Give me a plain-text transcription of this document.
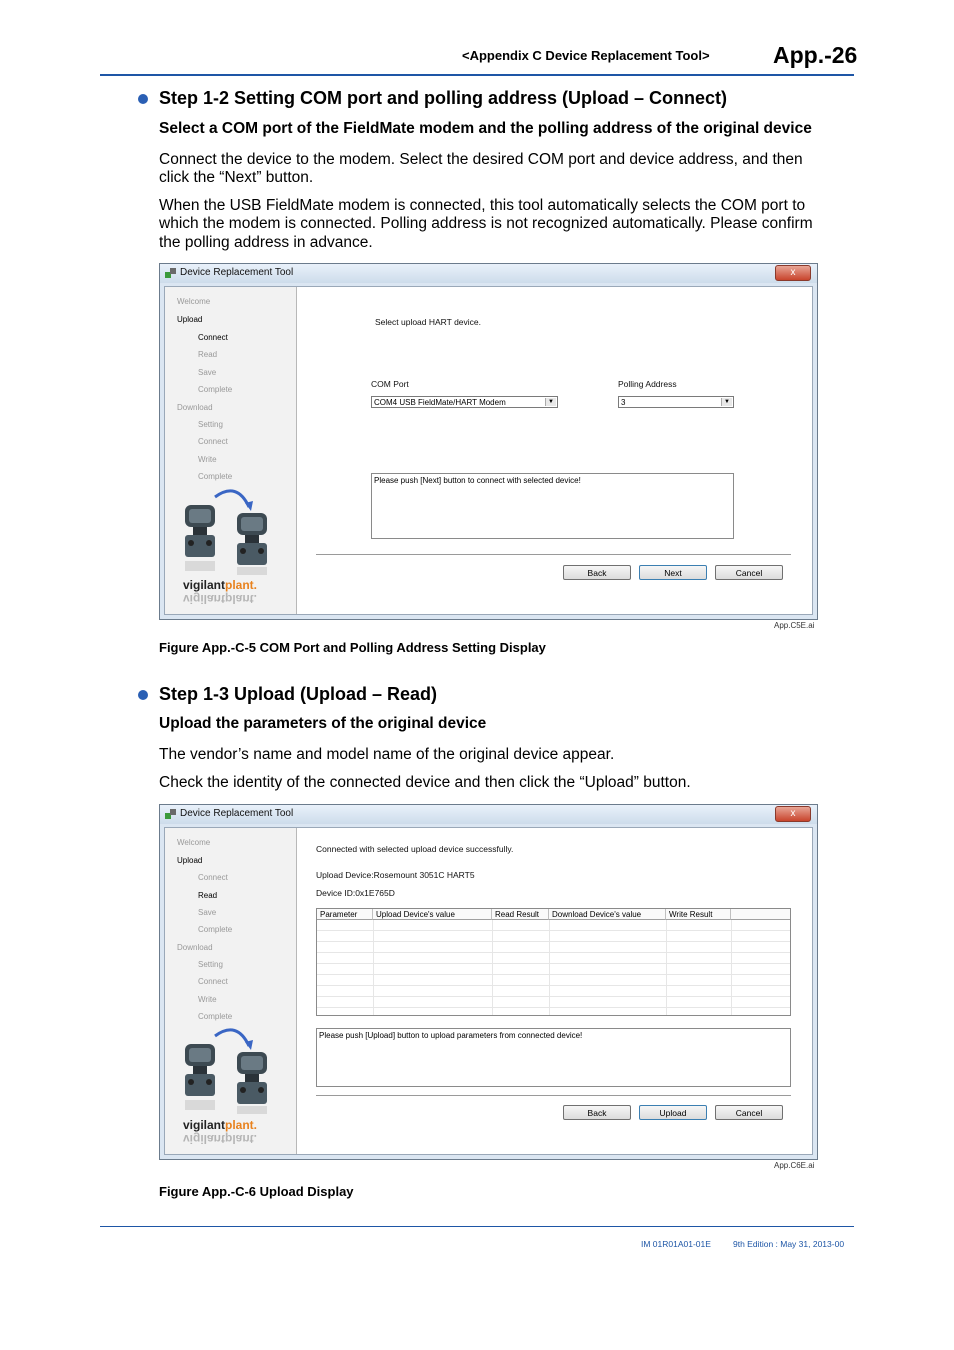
<Appendix C Device Replacement Tool>	App.-26
Step 1-2 Setting COM port and polling address (Upload – Connect)
Select a COM port of the FieldMate modem and the polling address of the original device
Connect the device to the modem. Select the desired COM port and device address, and then
click the “Next” button.
When the USB FieldMate modem is connected, this tool automatically selects the COM port to
which the modem is connected. Polling address is not recognized automatically. Please confirm
the polling address in advance.
Device Replacement Tool	x
Welcome
Upload
Connect
Read
Save
Complete
Download
Setting
Connect
Write
Complete
vigilantplant.
vigilantplant.
Select upload HART device.
COM Port
COM4 USB FieldMate/HART Modem	▼
Polling Address
3	▼
Please push [Next] button to connect with selected device!
Back	Next	Cancel
App.C5E.ai
Figure App.-C-5 COM Port and Polling Address Setting Display
Step 1-3 Upload (Upload – Read)
Upload the parameters of the original device
The vendor’s name and model name of the original device appear.
Check the identity of the connected device and then click the “Upload” button.
Device Replacement Tool	x
Welcome
Upload
Connect
Read
Save
Complete
Download
Setting
Connect
Write
Complete
vigilantplant.
vigilantplant.
Connected with selected upload device successfully.
Upload Device:Rosemount 3051C HART5
Device ID:0x1E765D
Parameter	Upload Device's value	Read Result	Download Device's value	Write Result
Please push [Upload] button to upload parameters from connected device!
Back	Upload	Cancel
App.C6E.ai
Figure App.-C-6 Upload Display
IM 01R01A01-01E	9th Edition : May 31, 2013-00
